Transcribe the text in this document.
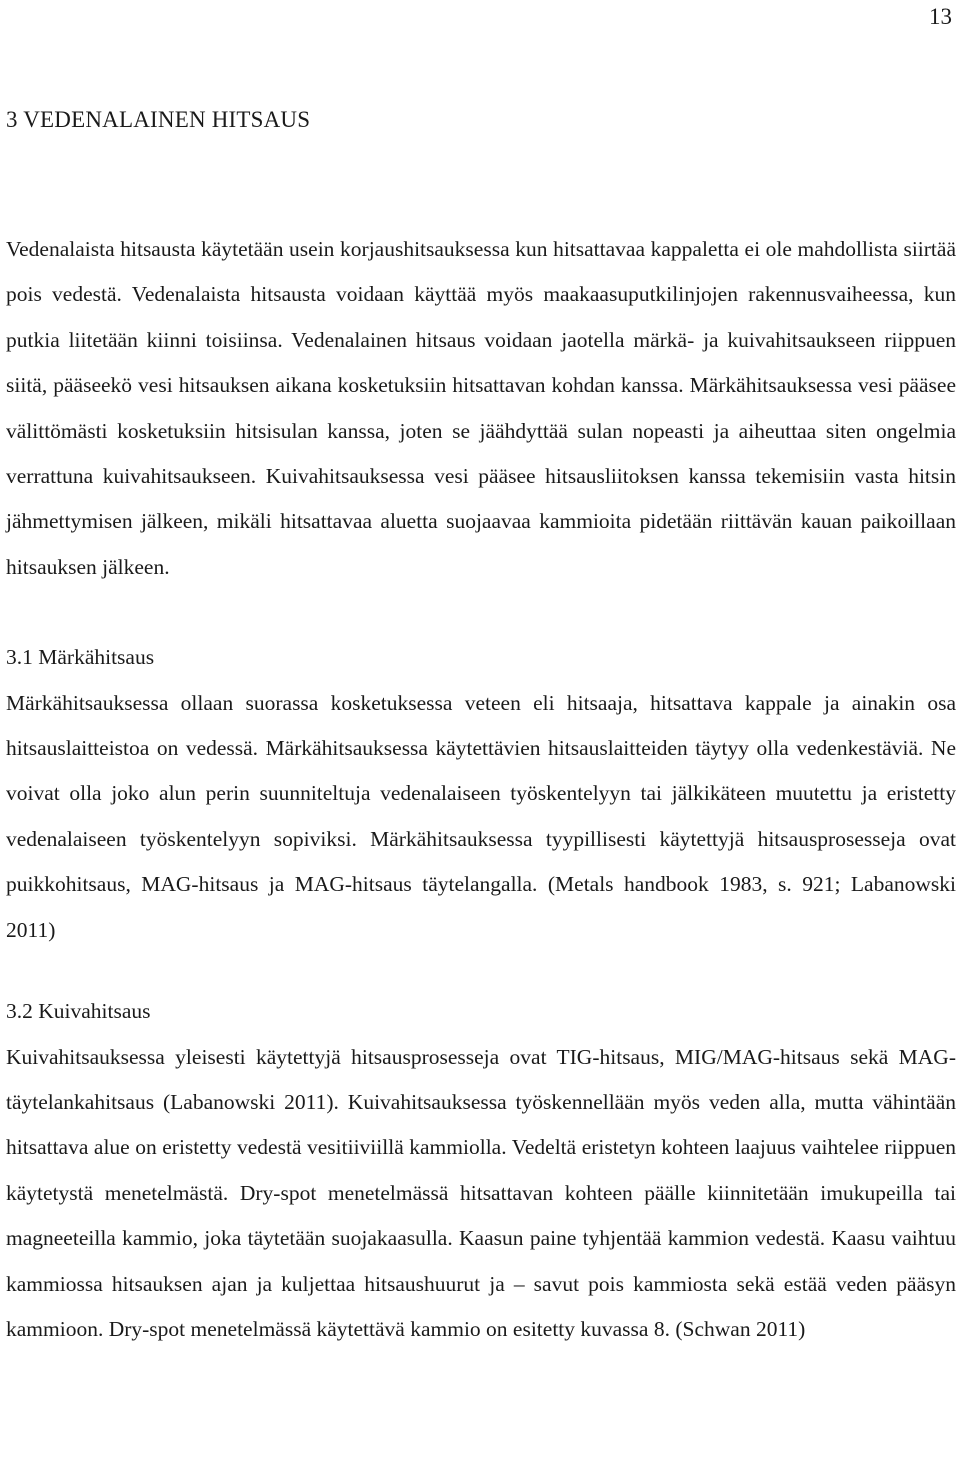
13
3 VEDENALAINEN HITSAUS

Vedenalaista hitsausta käytetään usein korjaushitsauksessa kun hitsattavaa kappaletta ei ole mahdollista siirtää pois vedestä. Vedenalaista hitsausta voidaan käyttää myös maakaasuputkilinjojen rakennusvaiheessa, kun putkia liitetään kiinni toisiinsa. Vedenalainen hitsaus voidaan jaotella märkä- ja kuivahitsaukseen riippuen siitä, pääseekö vesi hitsauksen aikana kosketuksiin hitsattavan kohdan kanssa. Märkähitsauksessa vesi pääsee välittömästi kosketuksiin hitsisulan kanssa, joten se jäähdyttää sulan nopeasti ja aiheuttaa siten ongelmia verrattuna kuivahitsaukseen. Kuivahitsauksessa vesi pääsee hitsausliitoksen kanssa tekemisiin vasta hitsin jähmettymisen jälkeen, mikäli hitsattavaa aluetta suojaavaa kammioita pidetään riittävän kauan paikoillaan hitsauksen jälkeen.

3.1 Märkähitsaus

Märkähitsauksessa ollaan suorassa kosketuksessa veteen eli hitsaaja, hitsattava kappale ja ainakin osa hitsauslaitteistoa on vedessä. Märkähitsauksessa käytettävien hitsauslaitteiden täytyy olla vedenkestäviä. Ne voivat olla joko alun perin suunniteltuja vedenalaiseen työskentelyyn tai jälkikäteen muutettu ja eristetty vedenalaiseen työskentelyyn sopiviksi. Märkähitsauksessa tyypillisesti käytettyjä hitsausprosesseja ovat puikkohitsaus, MAG-hitsaus ja MAG-hitsaus täytelangalla. (Metals handbook 1983, s. 921; Labanowski 2011)

3.2 Kuivahitsaus

Kuivahitsauksessa yleisesti käytettyjä hitsausprosesseja ovat TIG-hitsaus, MIG/MAG-hitsaus sekä MAG-täytelankahitsaus (Labanowski 2011). Kuivahitsauksessa työskennellään myös veden alla, mutta vähintään hitsattava alue on eristetty vedestä vesitiiviillä kammiolla. Vedeltä eristetyn kohteen laajuus vaihtelee riippuen käytetystä menetelmästä. Dry-spot menetelmässä hitsattavan kohteen päälle kiinnitetään imukupeilla tai magneeteilla kammio, joka täytetään suojakaasulla. Kaasun paine tyhjentää kammion vedestä. Kaasu vaihtuu kammiossa hitsauksen ajan ja kuljettaa hitsaushuurut ja – savut pois kammiosta sekä estää veden pääsyn kammioon. Dry-spot menetelmässä käytettävä kammio on esitetty kuvassa 8. (Schwan 2011)
